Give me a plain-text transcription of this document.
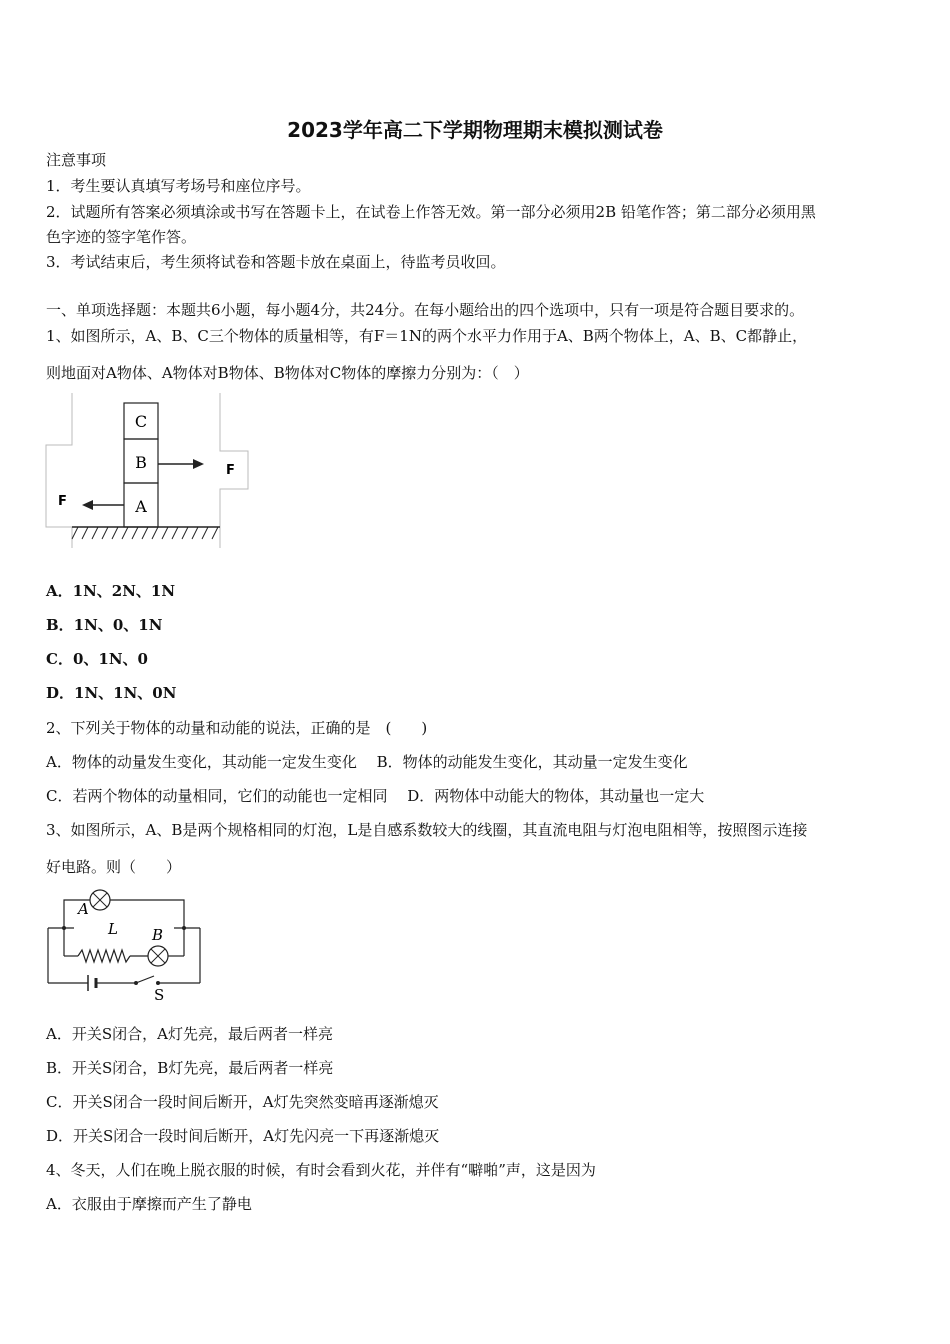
2023学年高二下学期物理期末模拟测试卷
注意事项
1．考生要认真填写考场号和座位序号。
2．试题所有答案必须填涂或书写在答题卡上，在试卷上作答无效。第一部分必须用2B 铅笔作答；第二部分必须用黑
色字迹的签字笔作答。
3．考试结束后，考生须将试卷和答题卡放在桌面上，待监考员收回。
一、单项选择题：本题共6小题，每小题4分，共24分。在每小题给出的四个选项中，只有一项是符合题目要求的。
1、如图所示，A、B、C三个物体的质量相等，有F＝1N的两个水平力作用于A、B两个物体上，A、B、C都静止，
则地面对A物体、A物体对B物体、B物体对C物体的摩擦力分别为：（　）
C
B
A
F
F
A．1N、2N、1N
B．1N、0、1N
C．0、1N、0
D．1N、1N、0N
2、下列关于物体的动量和动能的说法，正确的是　(　　)
A．物体的动量发生变化，其动能一定发生变化　 B．物体的动能发生变化，其动量一定发生变化
C．若两个物体的动量相同，它们的动能也一定相同　 D．两物体中动能大的物体，其动量也一定大
3、如图所示，A、B是两个规格相同的灯泡，L是自感系数较大的线圈，其直流电阻与灯泡电阻相等，按照图示连接
好电路。则（　　）
A
L B
S
A．开关S闭合，A灯先亮，最后两者一样亮
B．开关S闭合，B灯先亮，最后两者一样亮
C．开关S闭合一段时间后断开，A灯先突然变暗再逐渐熄灭
D．开关S闭合一段时间后断开，A灯先闪亮一下再逐渐熄灭
4、冬天，人们在晚上脱衣服的时候，有时会看到火花，并伴有“噼啪”声，这是因为
A．衣服由于摩擦而产生了静电
